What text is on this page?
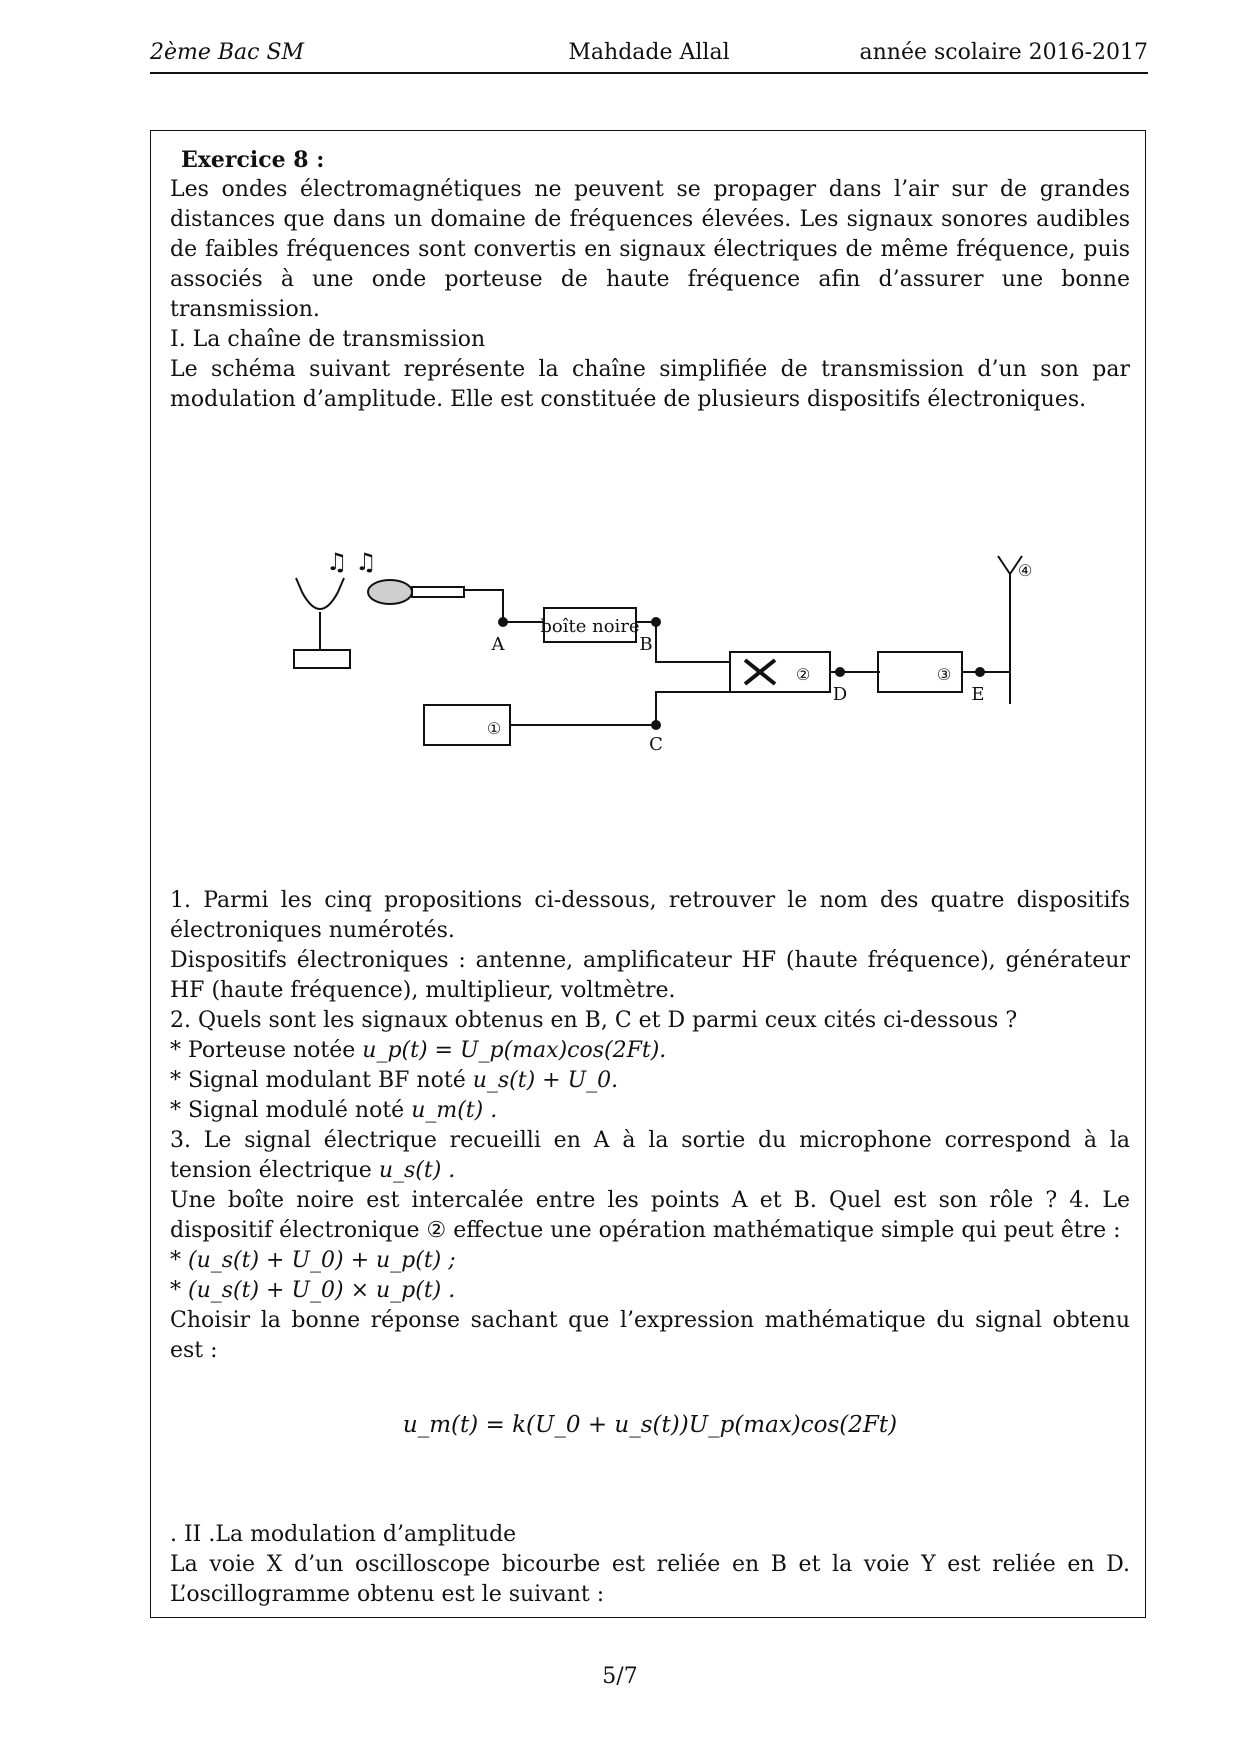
2ème Bac SM	Mahdade Allal	année scolaire 2016-2017

Exercice 8 :

Les ondes électromagnétiques ne peuvent se propager dans l’air sur de grandes distances que dans un domaine de fréquences élevées. Les signaux sonores audibles de faibles fréquences sont convertis en signaux électriques de même fréquence, puis associés à une onde porteuse de haute fréquence afin d’assurer une bonne transmission.

I. La chaîne de transmission

Le schéma suivant représente la chaîne simplifiée de transmission d’un son par modulation d’amplitude. Elle est constituée de plusieurs dispositifs électroniques.

♫ ♫
boîte noire
A	B
C
D	E
①
②	③
④

1. Parmi les cinq propositions ci-dessous, retrouver le nom des quatre dispositifs électroniques numérotés.

Dispositifs électroniques : antenne, amplificateur HF (haute fréquence), générateur HF (haute fréquence), multiplieur, voltmètre.

2. Quels sont les signaux obtenus en B, C et D parmi ceux cités ci-dessous ?

* Porteuse notée u_p(t) = U_p(max)cos(2Ft).

* Signal modulant BF noté u_s(t) + U_0.

* Signal modulé noté u_m(t) .

3. Le signal électrique recueilli en A à la sortie du microphone correspond à la tension électrique u_s(t) .

Une boîte noire est intercalée entre les points A et B. Quel est son rôle ? 4. Le dispositif électronique ② effectue une opération mathématique simple qui peut être :

* (u_s(t) + U_0) + u_p(t) ;

* (u_s(t) + U_0) × u_p(t) .

Choisir la bonne réponse sachant que l’expression mathématique du signal obtenu est :

u_m(t) = k(U_0 + u_s(t))U_p(max)cos(2Ft)

. II .La modulation d’amplitude

La voie X d’un oscilloscope bicourbe est reliée en B et la voie Y est reliée en D. L’oscillogramme obtenu est le suivant :

5/7
